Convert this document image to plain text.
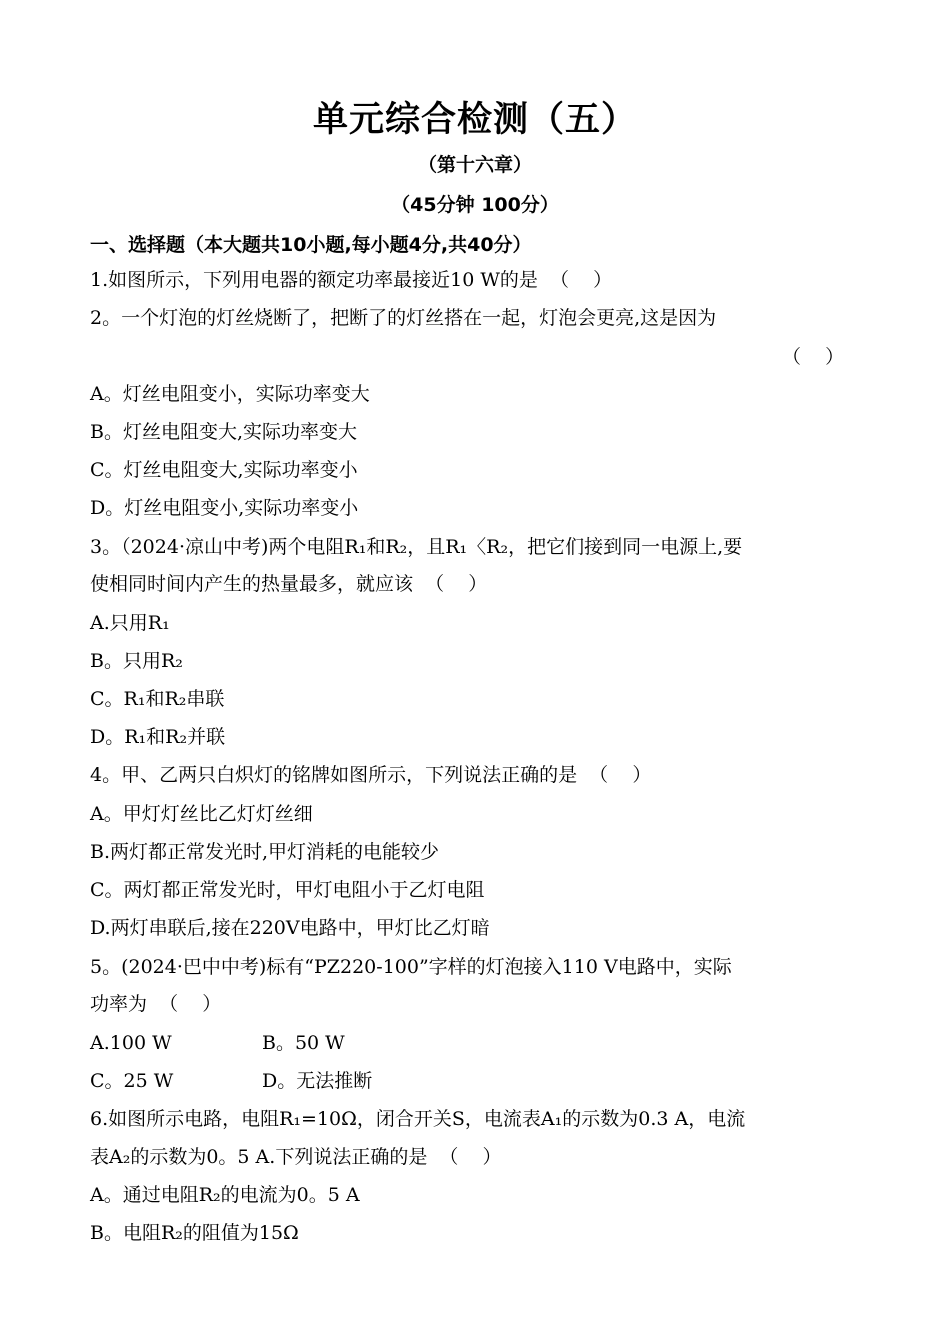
单元综合检测（五）
（第十六章）
（45分钟 100分）
一、选择题（本大题共10小题,每小题4分,共40分）
1.如图所示，下列用电器的额定功率最接近10 W的是  （    ）
2。一个灯泡的灯丝烧断了，把断了的灯丝搭在一起，灯泡会更亮,这是因为
（    ）
A。灯丝电阻变小，实际功率变大
B。灯丝电阻变大,实际功率变大
C。灯丝电阻变大,实际功率变小
D。灯丝电阻变小,实际功率变小
3。（2024·凉山中考)两个电阻R₁和R₂，且R₁〈R₂，把它们接到同一电源上,要
使相同时间内产生的热量最多，就应该  （    ）
A.只用R₁
B。只用R₂
C。R₁和R₂串联
D。R₁和R₂并联
4。甲、乙两只白炽灯的铭牌如图所示，下列说法正确的是  （    ）
A。甲灯灯丝比乙灯灯丝细
B.两灯都正常发光时,甲灯消耗的电能较少
C。两灯都正常发光时，甲灯电阻小于乙灯电阻
D.两灯串联后,接在220V电路中，甲灯比乙灯暗
5。(2024·巴中中考)标有“PZ220-100”字样的灯泡接入110 V电路中，实际
功率为  （    ）
A.100 W	B。50 W
C。25 W	D。无法推断
6.如图所示电路，电阻R₁=10Ω，闭合开关S，电流表A₁的示数为0.3 A，电流
表A₂的示数为0。5 A.下列说法正确的是  （    ）
A。通过电阻R₂的电流为0。5 A
B。电阻R₂的阻值为15Ω
